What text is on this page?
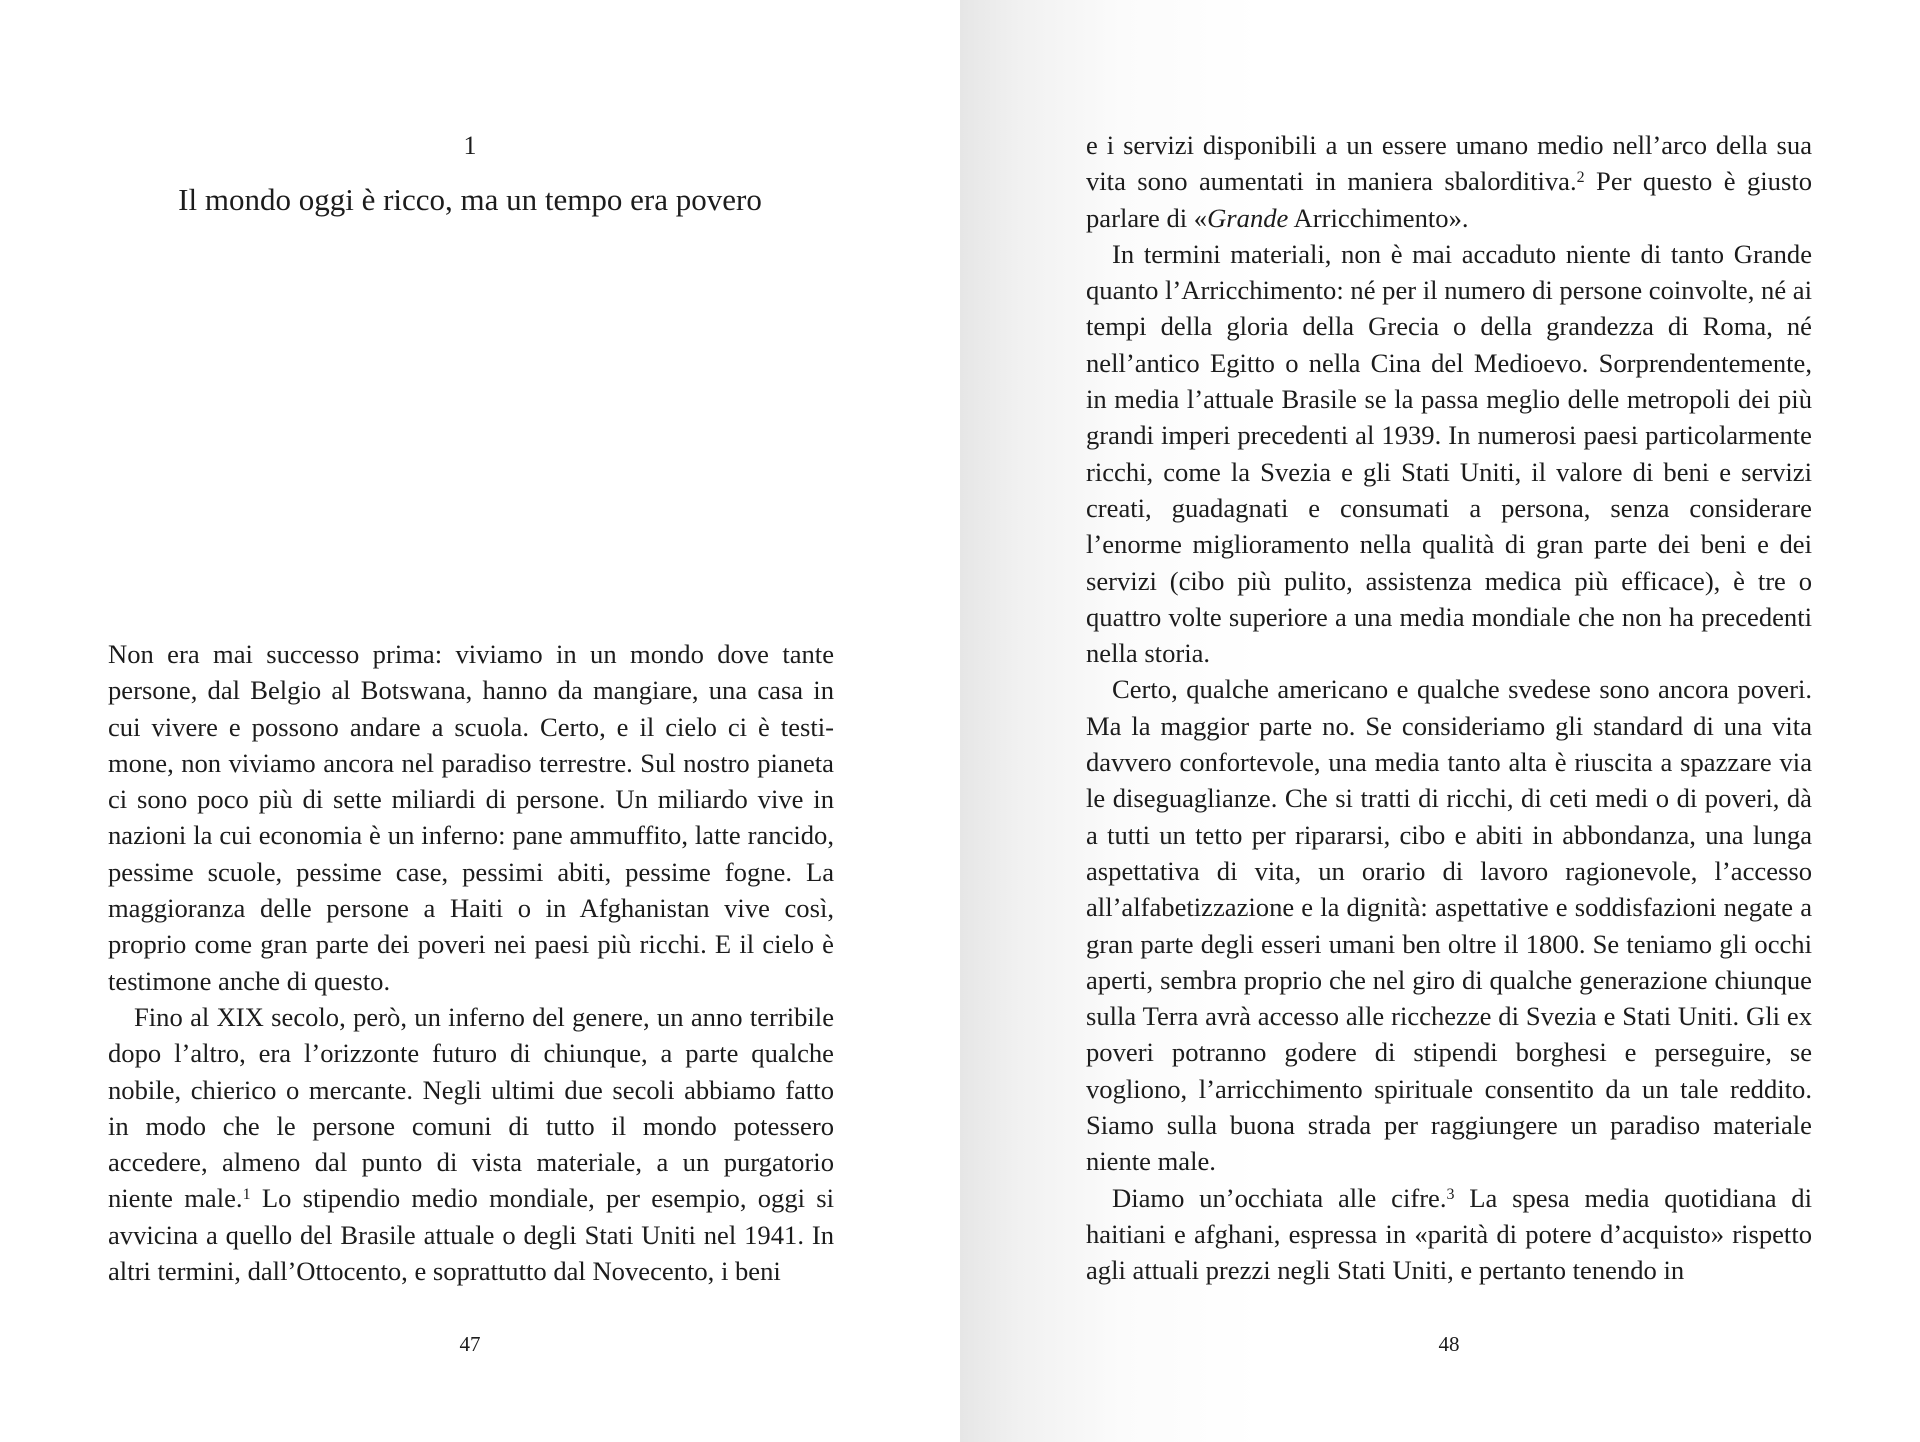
1
Il mondo oggi è ricco, ma un tempo era povero

Non era mai successo prima: viviamo in un mondo dove tante persone, dal Belgio al Botswana, hanno da mangiare, una casa in cui vivere e possono andare a scuola. Certo, e il cielo ci è testimone, non viviamo ancora nel paradiso terrestre. Sul nostro pianeta ci sono poco più di sette miliardi di persone. Un miliardo vive in nazioni la cui economia è un inferno: pane ammuffito, latte rancido, pessime scuole, pessime case, pessimi abiti, pessime fogne. La maggioranza delle persone a Haiti o in Afghanistan vive così, proprio come gran parte dei poveri nei paesi più ricchi. E il cielo è testimone anche di questo.

Fino al XIX secolo, però, un inferno del genere, un anno terribile dopo l’altro, era l’orizzonte futuro di chiunque, a parte qualche nobile, chierico o mercante. Negli ultimi due secoli abbiamo fatto in modo che le persone comuni di tutto il mondo potessero accedere, almeno dal punto di vista materiale, a un purgatorio niente male.$^1$ Lo stipendio medio mondiale, per esempio, oggi si avvicina a quello del Brasile attuale o degli Stati Uniti nel 1941. In altri termini, dall’Ottocento, e soprattutto dal Novecento, i beni

47

e i servizi disponibili a un essere umano medio nell’arco della sua vita sono aumentati in maniera sbalorditiva.$^2$ Per questo è giusto parlare di «Grande Arricchimento».

In termini materiali, non è mai accaduto niente di tanto Grande quanto l’Arricchimento: né per il numero di persone coinvolte, né ai tempi della gloria della Grecia o della grandezza di Roma, né nell’antico Egitto o nella Cina del Medioevo. Sorprendentemente, in media l’attuale Brasile se la passa meglio delle metropoli dei più grandi imperi precedenti al 1939. In numerosi paesi particolarmente ricchi, come la Svezia e gli Stati Uniti, il valore di beni e servizi creati, guadagnati e consumati a persona, senza considerare l’enorme miglioramento nella qualità di gran parte dei beni e dei servizi (cibo più pulito, assistenza medica più efficace), è tre o quattro volte superiore a una media mondiale che non ha precedenti nella storia.

Certo, qualche americano e qualche svedese sono ancora poveri. Ma la maggior parte no. Se consideriamo gli standard di una vita davvero confortevole, una media tanto alta è riuscita a spazzare via le diseguaglianze. Che si tratti di ricchi, di ceti medi o di poveri, dà a tutti un tetto per ripararsi, cibo e abiti in abbondanza, una lunga aspettativa di vita, un orario di lavoro ragionevole, l’accesso all’alfabetizzazione e la dignità: aspettative e soddisfazioni negate a gran parte degli esseri umani ben oltre il 1800. Se teniamo gli occhi aperti, sembra proprio che nel giro di qualche generazione chiunque sulla Terra avrà accesso alle ricchezze di Svezia e Stati Uniti. Gli ex poveri potranno godere di stipendi borghesi e perseguire, se vogliono, l’arricchimento spirituale consentito da un tale reddito. Siamo sulla buona strada per raggiungere un paradiso materiale niente male.

Diamo un’occhiata alle cifre.$^3$ La spesa media quotidiana di haitiani e afghani, espressa in «parità di potere d’acquisto» rispetto agli attuali prezzi negli Stati Uniti, e pertanto tenendo in

48
